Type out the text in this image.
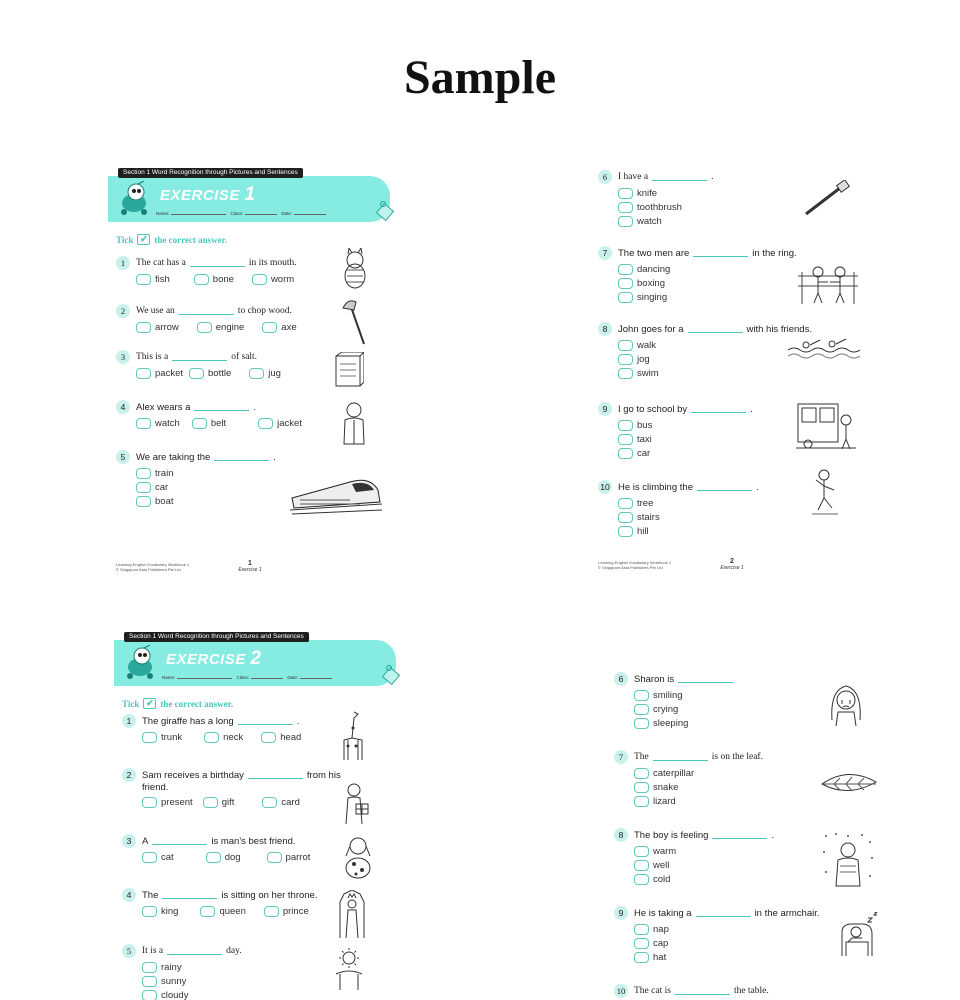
Sample
EXERCISE 1
Name:	Class:	Date:
Section 1 Word Recognition through Pictures and Sentences
Tick ✔ the correct answer.
1	The cat has a	in its mouth.
fish	bone	worm
2	We use an	to chop wood.
arrow	engine	axe
3	This is a	of salt.
packet	bottle	jug
4	Alex wears a	.
watch	belt	jacket
5	We are taking the	.
train
car
boat
Learning English Vocabulary Workbook 1
© Singapore Asia Publishers Pte Ltd
1
Exercise 1
6	I have a	.
knife
toothbrush
watch
7	The two men are	in the ring.
dancing
boxing
singing
8	John goes for a	with his friends.
walk
jog
swim
9	I go to school by	.
bus
taxi
car
10 He is climbing the	.
tree
stairs
hill
Learning English Vocabulary Workbook 1
© Singapore Asia Publishers Pte Ltd
2
Exercise 1
EXERCISE 2
Name:	Class:	Date:
Section 1 Word Recognition through Pictures and Sentences
Tick ✔ the correct answer.
1	The giraffe has a long	.
trunk	neck	head
2	Sam receives a birthday	from his
friend.
present	gift	card
3	A	is man's best friend.
cat	dog	parrot
4	The	is sitting on her throne.
king	queen	prince
5	It is a	day.
rainy
sunny
cloudy
6	Sharon is
smiling
crying
sleeping
7	The	is on the leaf.
caterpillar
snake
lizard
8	The boy is feeling	.
warm
well
cold
9	He is taking a	in the armchair.
nap
cap
hat
10 The cat is	the table.
